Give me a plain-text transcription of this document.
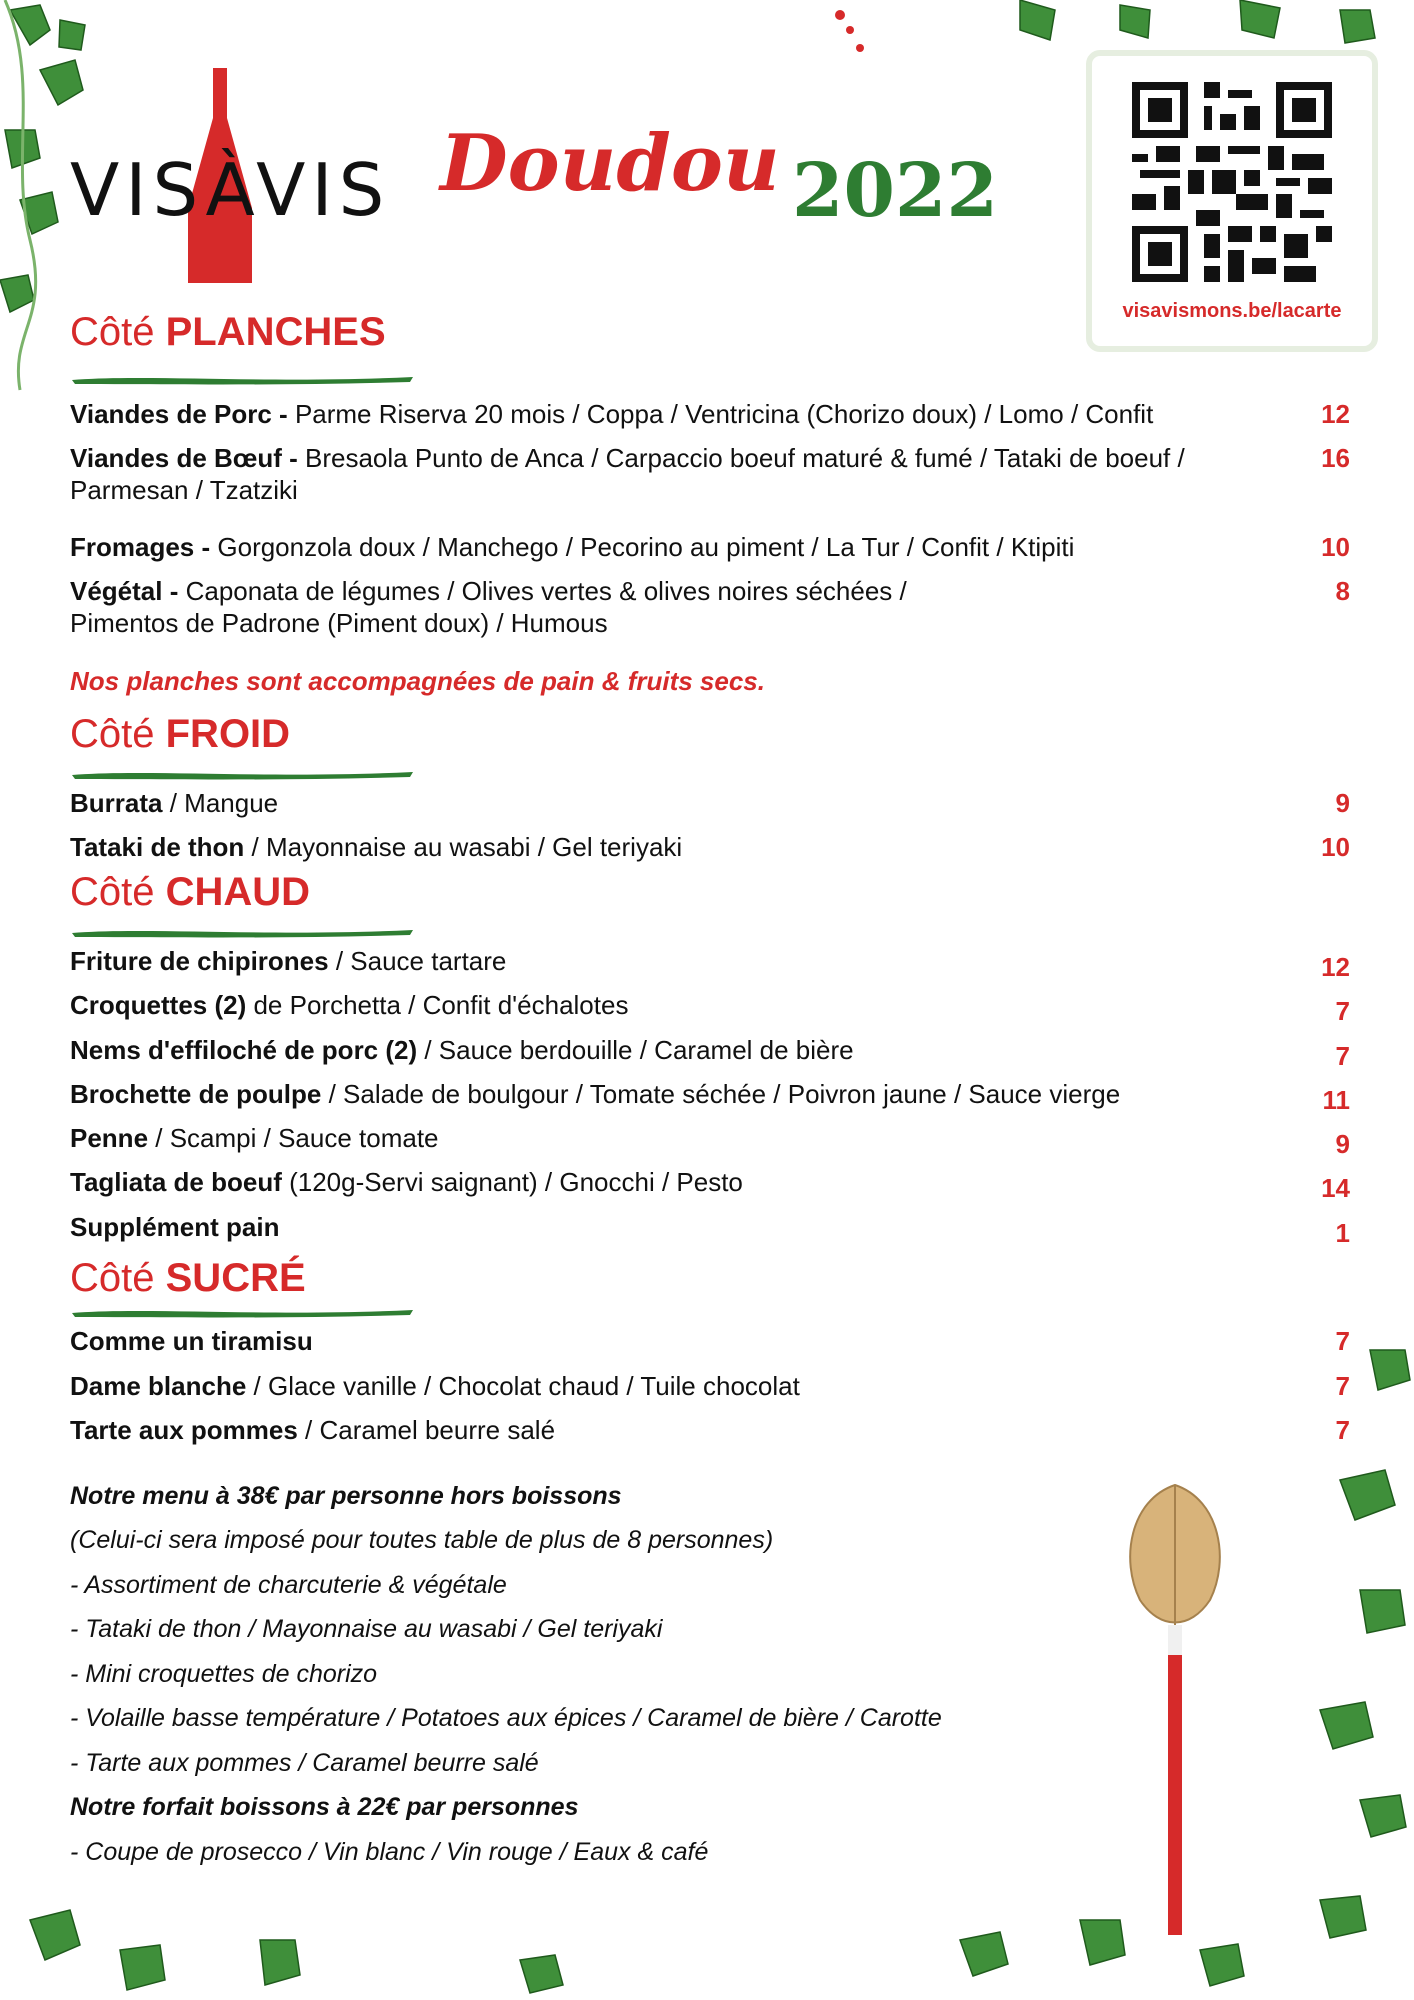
VISÀVIS Doudou 2022
visavismons.be/lacarte
Côté PLANCHES
Viandes de Porc - Parme Riserva 20 mois / Coppa / Ventricina (Chorizo doux) / Lomo / Confit	12
Viandes de Bœuf - Bresaola Punto de Anca / Carpaccio boeuf maturé & fumé / Tataki de boeuf /
Parmesan / Tzatziki
16
Fromages - Gorgonzola doux / Manchego / Pecorino au piment / La Tur / Confit / Ktipiti	10
Végétal - Caponata de légumes / Olives vertes & olives noires séchées /
Pimentos de Padrone (Piment doux) / Humous
8
Nos planches sont accompagnées de pain & fruits secs.
Côté FROID
Burrata / Mangue	9
Tataki de thon / Mayonnaise au wasabi / Gel teriyaki	10
Côté CHAUD
Friture de chipirones / Sauce tartare	12
Croquettes (2) de Porchetta / Confit d'échalotes	7
Nems d'effiloché de porc (2) / Sauce berdouille / Caramel de bière	7
Brochette de poulpe / Salade de boulgour / Tomate séchée / Poivron jaune / Sauce vierge	11
Penne / Scampi / Sauce tomate	9
Tagliata de boeuf (120g-Servi saignant) / Gnocchi / Pesto	14
Supplément pain	1
Côté SUCRÉ
Comme un tiramisu	7
Dame blanche / Glace vanille / Chocolat chaud / Tuile chocolat	7
Tarte aux pommes / Caramel beurre salé	7
Notre menu à 38€ par personne hors boissons
(Celui-ci sera imposé pour toutes table de plus de 8 personnes)
- Assortiment de charcuterie & végétale
- Tataki de thon / Mayonnaise au wasabi / Gel teriyaki
- Mini croquettes de chorizo
- Volaille basse température / Potatoes aux épices / Caramel de bière / Carotte
- Tarte aux pommes / Caramel beurre salé
Notre forfait boissons à 22€ par personnes
- Coupe de prosecco / Vin blanc / Vin rouge / Eaux & café
